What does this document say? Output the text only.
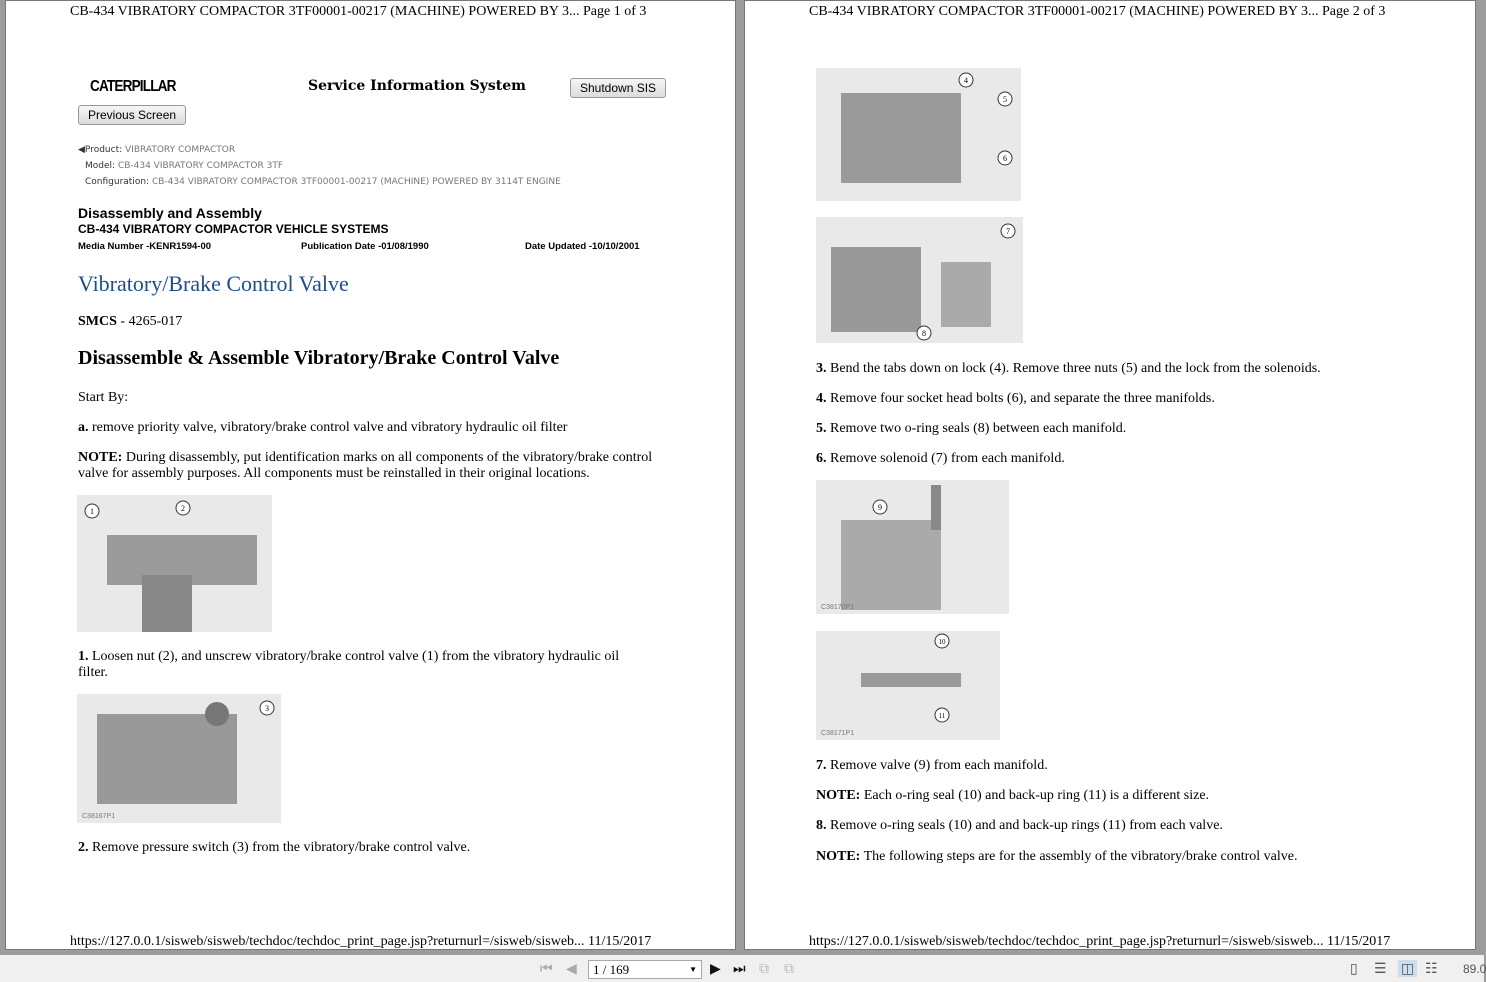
CB-434 VIBRATORY COMPACTOR 3TF00001-00217 (MACHINE) POWERED BY 3... Page 1 of 3
CATERPILLAR	Service Information System	Shutdown SIS
Previous Screen
◀Product: VIBRATORY COMPACTOR
Model: CB-434 VIBRATORY COMPACTOR 3TF
Configuration: CB-434 VIBRATORY COMPACTOR 3TF00001-00217 (MACHINE) POWERED BY 3114T ENGINE
Disassembly and Assembly
CB-434 VIBRATORY COMPACTOR VEHICLE SYSTEMS
Media Number -KENR1594-00	Publication Date -01/08/1990	Date Updated -10/10/2001
Vibratory/Brake Control Valve
SMCS - 4265-017
Disassemble & Assemble Vibratory/Brake Control Valve
Start By:
a. remove priority valve, vibratory/brake control valve and vibratory hydraulic oil filter
NOTE: During disassembly, put identification marks on all components of the vibratory/brake control valve for assembly purposes. All components must be reinstalled in their original locations.
1	2
1. Loosen nut (2), and unscrew vibratory/brake control valve (1) from the vibratory hydraulic oil filter.
3
C38167P1
2. Remove pressure switch (3) from the vibratory/brake control valve.
https://127.0.0.1/sisweb/sisweb/techdoc/techdoc_print_page.jsp?returnurl=/sisweb/sisweb... 11/15/2017
CB-434 VIBRATORY COMPACTOR 3TF00001-00217 (MACHINE) POWERED BY 3... Page 2 of 3
4
5
6
7
8
3. Bend the tabs down on lock (4). Remove three nuts (5) and the lock from the solenoids.
4. Remove four socket head bolts (6), and separate the three manifolds.
5. Remove two o-ring seals (8) between each manifold.
6. Remove solenoid (7) from each manifold.
9
C38170P1
10
11
C38171P1
7. Remove valve (9) from each manifold.
NOTE: Each o-ring seal (10) and back-up ring (11) is a different size.
8. Remove o-ring seals (10) and and back-up rings (11) from each valve.
NOTE: The following steps are for the assembly of the vibratory/brake control valve.
https://127.0.0.1/sisweb/sisweb/techdoc/techdoc_print_page.jsp?returnurl=/sisweb/sisweb... 11/15/2017
⏮ ◀	1 / 169	▼ ▶ ⏭ ⧉ ⧉	▯ ☰ ◫ ☷ 89.0
